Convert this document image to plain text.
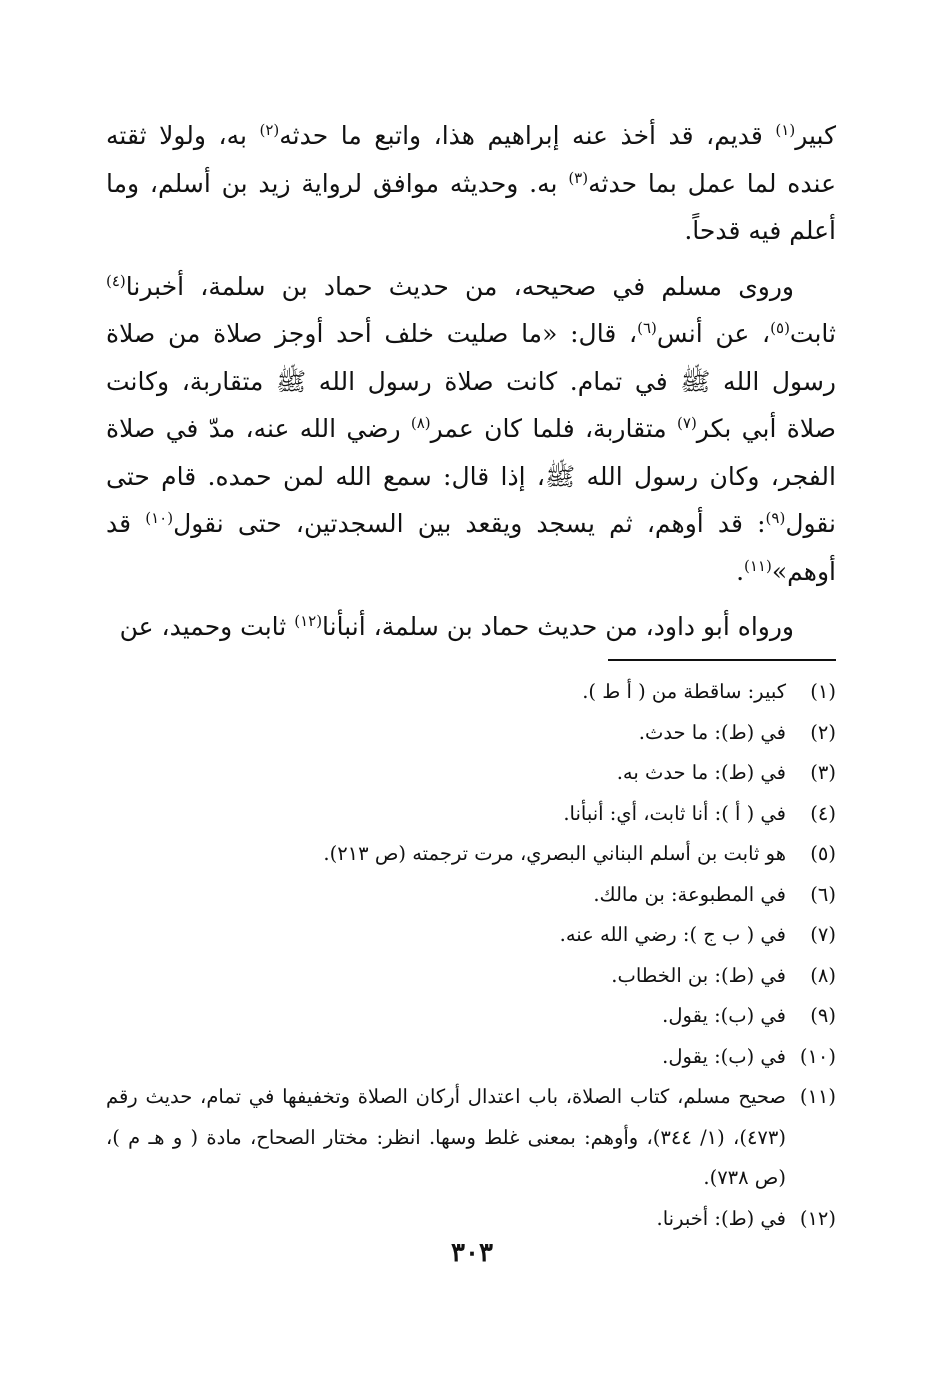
كبير$^{(١)}$ قديم، قد أخذ عنه إبراهيم هذا، واتبع ما حدثه$^{(٢)}$ به، ولولا ثقته عنده لما عمل بما حدثه$^{(٣)}$ به. وحديثه موافق لرواية زيد بن أسلم، وما أعلم فيه قدحاً.

وروى مسلم في صحيحه، من حديث حماد بن سلمة، أخبرنا$^{(٤)}$ ثابت$^{(٥)}$، عن أنس$^{(٦)}$، قال: «ما صليت خلف أحد أوجز صلاة من صلاة رسول الله ﷺ في تمام. كانت صلاة رسول الله ﷺ متقاربة، وكانت صلاة أبي بكر$^{(٧)}$ متقاربة، فلما كان عمر$^{(٨)}$ رضي الله عنه، مدّ في صلاة الفجر، وكان رسول الله ﷺ، إذا قال: سمع الله لمن حمده. قام حتى نقول$^{(٩)}$: قد أوهم، ثم يسجد ويقعد بين السجدتين، حتى نقول$^{(١٠)}$ قد أوهم»$^{(١١)}$.

ورواه أبو داود، من حديث حماد بن سلمة، أنبأنا$^{(١٢)}$ ثابت وحميد، عن

(١)
كبير: ساقطة من ( أ ط ).
(٢)
في (ط): ما حدث.
(٣)
في (ط): ما حدث به.
(٤)
في ( أ ): أنا ثابت، أي: أنبأنا.
(٥)
هو ثابت بن أسلم البناني البصري، مرت ترجمته (ص ٢١٣).
(٦)
في المطبوعة: بن مالك.
(٧)
في ( ب ج ): رضي الله عنه.
(٨)
في (ط): بن الخطاب.
(٩)
في (ب): يقول.
(١٠)
في (ب): يقول.
(١١)
صحيح مسلم، كتاب الصلاة، باب اعتدال أركان الصلاة وتخفيفها في تمام، حديث رقم (٤٧٣)، (١/ ٣٤٤)، وأوهم: بمعنى غلط وسها. انظر: مختار الصحاح، مادة ( و هـ م )، (ص ٧٣٨).
(١٢)
في (ط): أخبرنا.
٣٠٣
